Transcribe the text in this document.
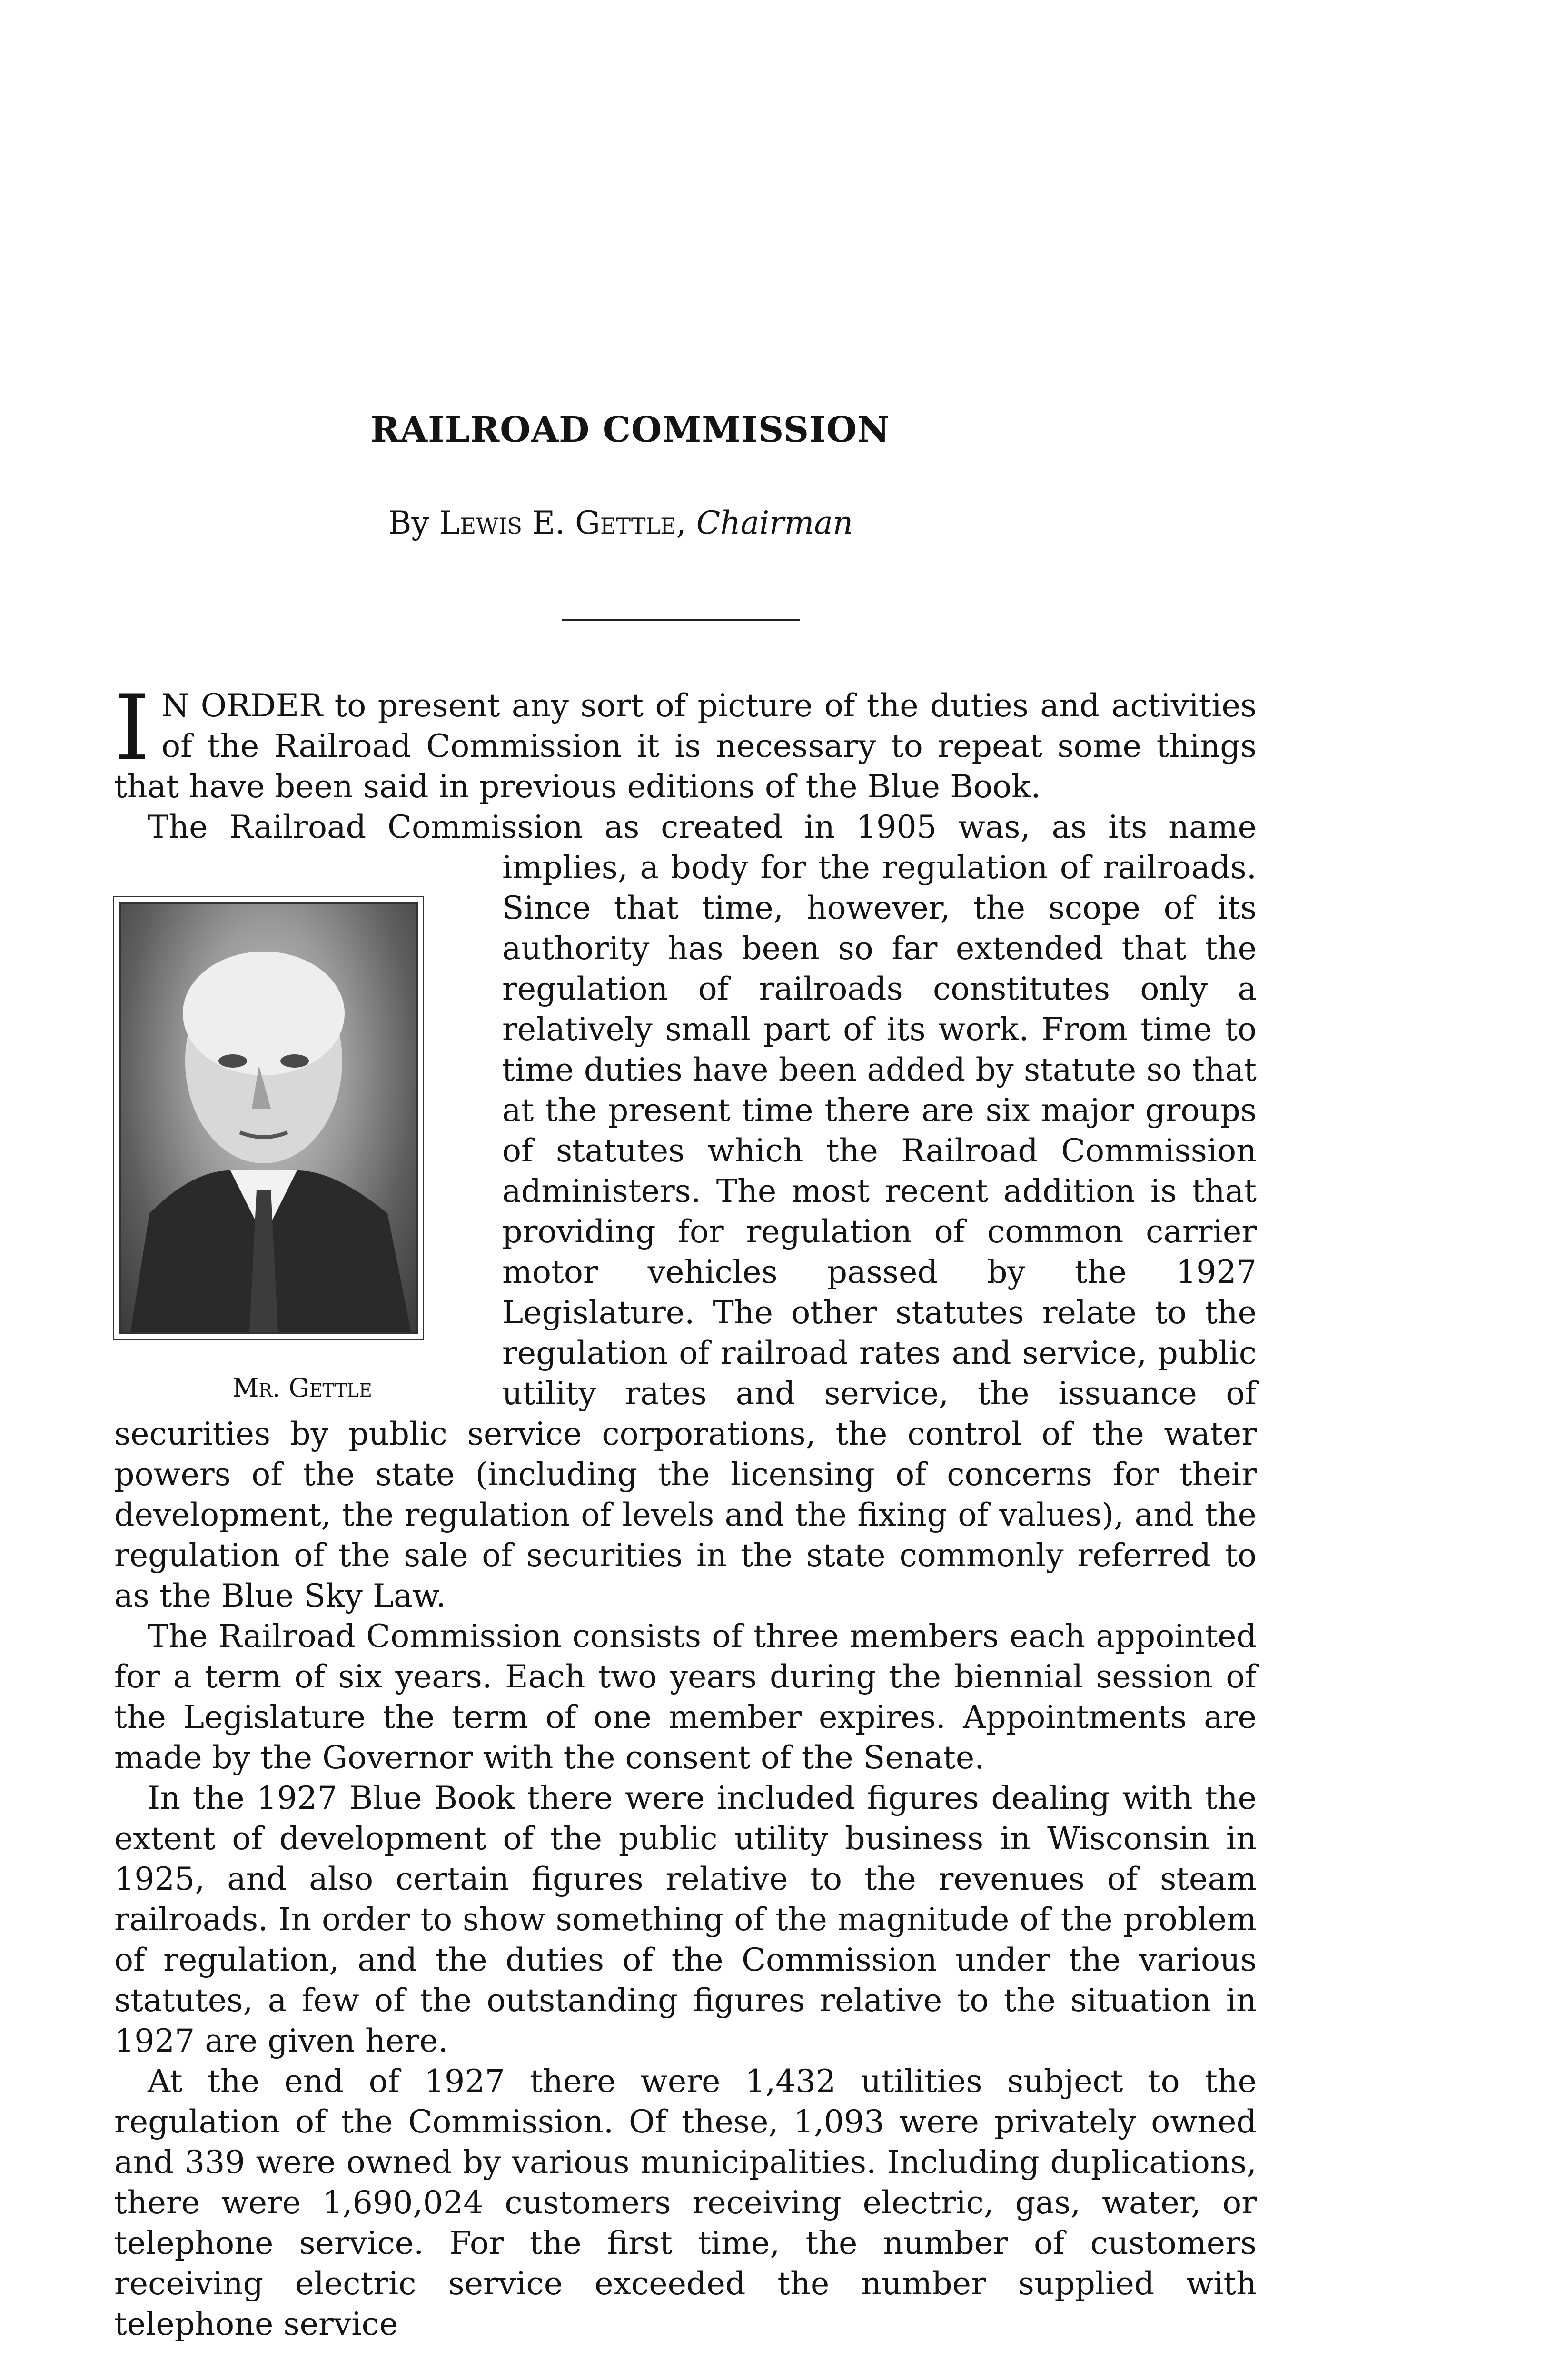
RAILROAD COMMISSION
By Lewis E. Gettle, Chairman

I N ORDER to present any sort of picture of the duties and activities of the Railroad Commission it is necessary to repeat some things that have been said in previous editions of the Blue Book.

The Railroad Commission as created in 1905 was, as its name implies,
Mr. Gettle
a body for the regulation of railroads. Since that time, however, the scope of its authority has been so far extended that the regulation of railroads constitutes only a relatively small part of its work. From time to time duties have been added by statute so that at the present time there are six major groups of statutes which the Railroad Commission administers. The most recent addition is that providing for regulation of common carrier motor vehicles passed by the 1927 Legislature. The other statutes relate to the regulation of railroad rates and service, public utility rates and service, the issuance of securities by public service corporations, the control of the water powers of the state (including the licensing of concerns for their development, the regulation of levels and the fixing of values), and the regulation of the sale of securities in the state commonly referred to as the Blue Sky Law.

The Railroad Commission consists of three members each appointed for a term of six years. Each two years during the biennial session of the Legislature the term of one member expires. Appointments are made by the Governor with the consent of the Senate.

In the 1927 Blue Book there were included figures dealing with the extent of development of the public utility business in Wisconsin in 1925, and also certain figures relative to the revenues of steam railroads. In order to show something of the magnitude of the problem of regulation, and the duties of the Commission under the various statutes, a few of the outstanding figures relative to the situation in 1927 are given here.

At the end of 1927 there were 1,432 utilities subject to the regulation of the Commission. Of these, 1,093 were privately owned and 339 were owned by various municipalities. Including duplications, there were 1,690,024 customers receiving electric, gas, water, or telephone service. For the first time, the number of customers receiving electric service exceeded the number supplied with telephone service
